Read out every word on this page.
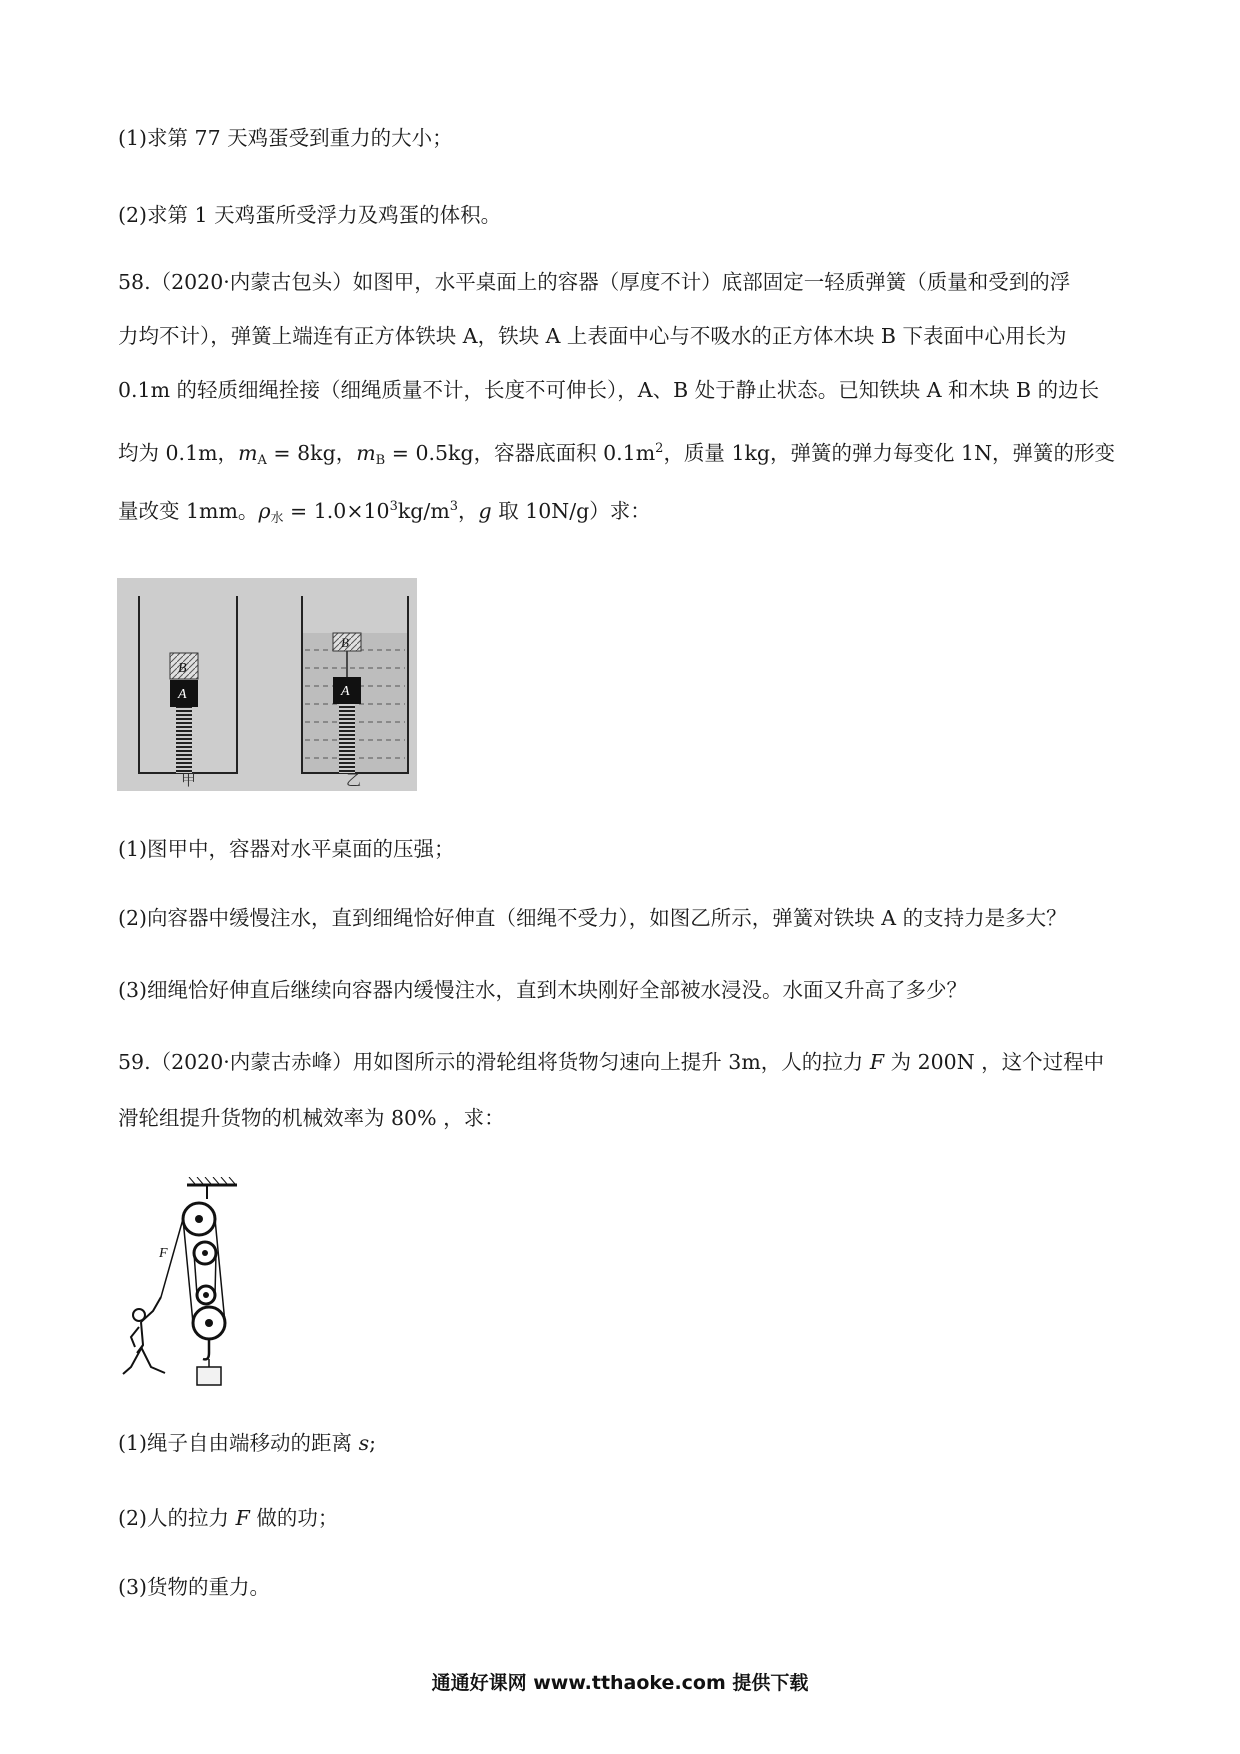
(1)求第 77 天鸡蛋受到重力的大小；
(2)求第 1 天鸡蛋所受浮力及鸡蛋的体积。
58.（2020·内蒙古包头）如图甲，水平桌面上的容器（厚度不计）底部固定一轻质弹簧（质量和受到的浮
力均不计），弹簧上端连有正方体铁块 A，铁块 A 上表面中心与不吸水的正方体木块 B 下表面中心用长为
0.1m 的轻质细绳拴接（细绳质量不计，长度不可伸长），A、B 处于静止状态。已知铁块 A 和木块 B 的边长
均为 0.1m，$m_A = 8kg$，$m_B = 0.5kg$，容器底面积 $0.1m^2$，质量 1kg，弹簧的弹力每变化 1N，弹簧的形变
量改变 1mm。$\rho_水 = 1.0\times 10^3kg/m^3$，g 取 10N/g）求：
A
B
A
B
甲	乙
(1)图甲中，容器对水平桌面的压强；
(2)向容器中缓慢注水，直到细绳恰好伸直（细绳不受力），如图乙所示，弹簧对铁块 A 的支持力是多大？
(3)细绳恰好伸直后继续向容器内缓慢注水，直到木块刚好全部被水浸没。水面又升高了多少？
59.（2020·内蒙古赤峰）用如图所示的滑轮组将货物匀速向上提升 3m，人的拉力 F 为 200N ，这个过程中
滑轮组提升货物的机械效率为 80% ，求：
F
(1)绳子自由端移动的距离 s;
(2)人的拉力 F 做的功；
(3)货物的重力。
通通好课网 www.tthaoke.com 提供下载
